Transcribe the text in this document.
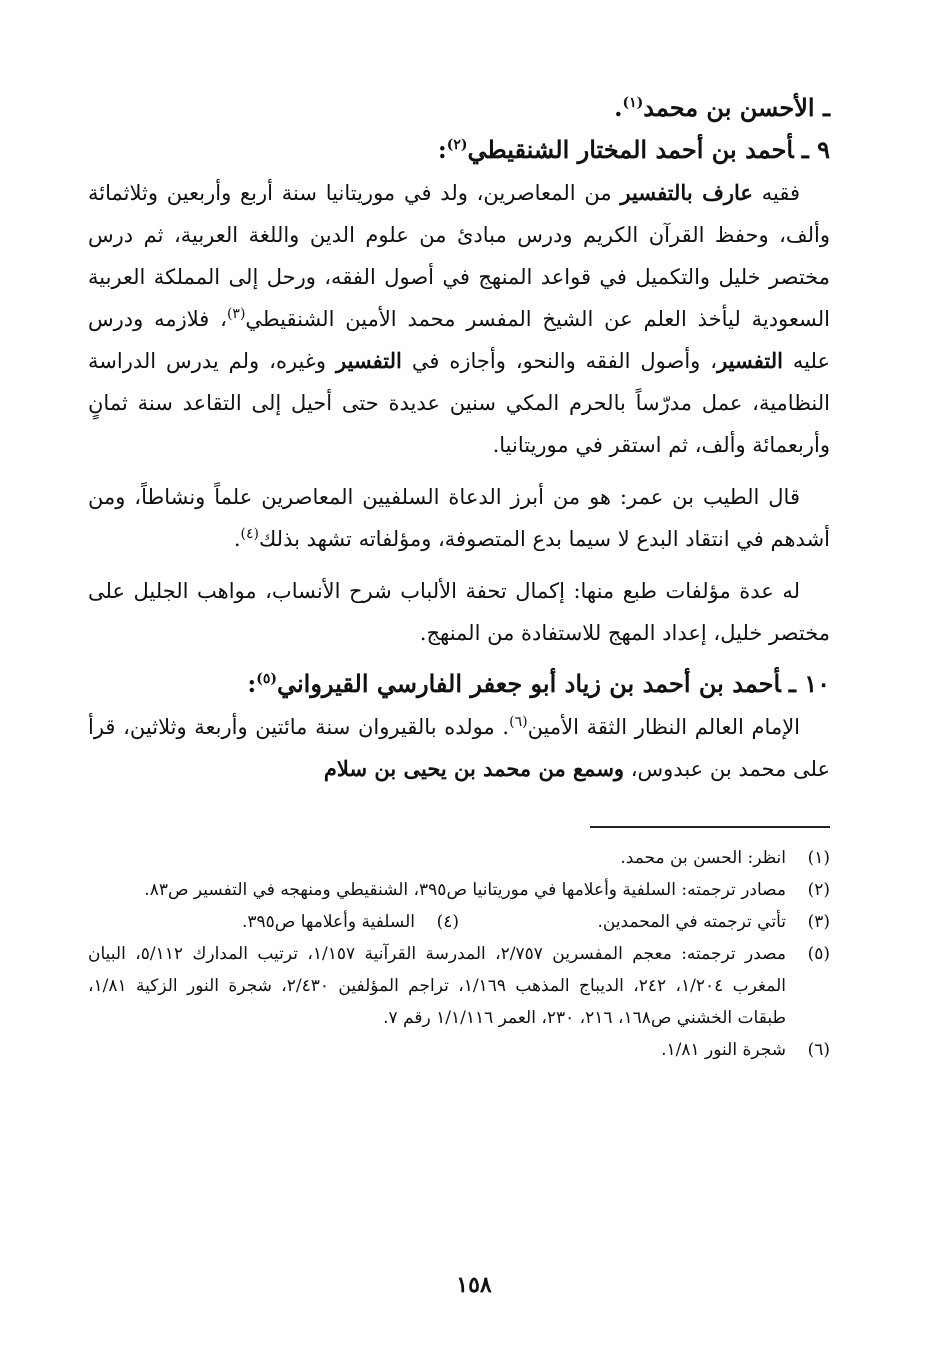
ـ الأحسن بن محمد$^{(١)}$.
٩ ـأحمد بن أحمد المختار الشنقيطي$^{(٢)}$:

فقيه عارف بالتفسير من المعاصرين، ولد في موريتانيا سنة أربع وأربعين وثلاثمائة وألف، وحفظ القرآن الكريم ودرس مبادئ من علوم الدين واللغة العربية، ثم درس مختصر خليل والتكميل في قواعد المنهج في أصول الفقه، ورحل إلى المملكة العربية السعودية ليأخذ العلم عن الشيخ المفسر محمد الأمين الشنقيطي$^{(٣)}$، فلازمه ودرس عليه التفسير، وأصول الفقه والنحو، وأجازه في التفسير وغيره، ولم يدرس الدراسة النظامية، عمل مدرّساً بالحرم المكي سنين عديدة حتى أحيل إلى التقاعد سنة ثمانٍ وأربعمائة وألف، ثم استقر في موريتانيا.

قال الطيب بن عمر: هو من أبرز الدعاة السلفيين المعاصرين علماً ونشاطاً، ومن أشدهم في انتقاد البدع لا سيما بدع المتصوفة، ومؤلفاته تشهد بذلك$^{(٤)}$.

له عدة مؤلفات طبع منها: إكمال تحفة الألباب شرح الأنساب، مواهب الجليل على مختصر خليل، إعداد المهج للاستفادة من المنهج.

١٠ ـأحمد بن أحمد بن زياد أبو جعفر الفارسي القيرواني$^{(٥)}$:

الإمام العالم النظار الثقة الأمين$^{(٦)}$. مولده بالقيروان سنة مائتين وأربعة وثلاثين، قرأ على محمد بن عبدوس، وسمع من محمد بن يحيى بن سلام

(١)
انظر: الحسن بن محمد.
(٢)
مصادر ترجمته: السلفية وأعلامها في موريتانيا ص٣٩٥، الشنقيطي ومنهجه في التفسير ص٨٣.
(٣)
تأتي ترجمته في المحمدين.
(٤)
السلفية وأعلامها ص٣٩٥.
(٥)
مصدر ترجمته: معجم المفسرين ٢/٧٥٧، المدرسة القرآنية ١/١٥٧، ترتيب المدارك ٥/١١٢، البيان المغرب ١/٢٠٤، ٢٤٢، الديباج المذهب ١/١٦٩، تراجم المؤلفين ٢/٤٣٠، شجرة النور الزكية ١/٨١، طبقات الخشني ص١٦٨، ٢١٦، ٢٣٠، العمر ١/١/١١٦ رقم ٧.
(٦)
شجرة النور ١/٨١.
١٥٨
